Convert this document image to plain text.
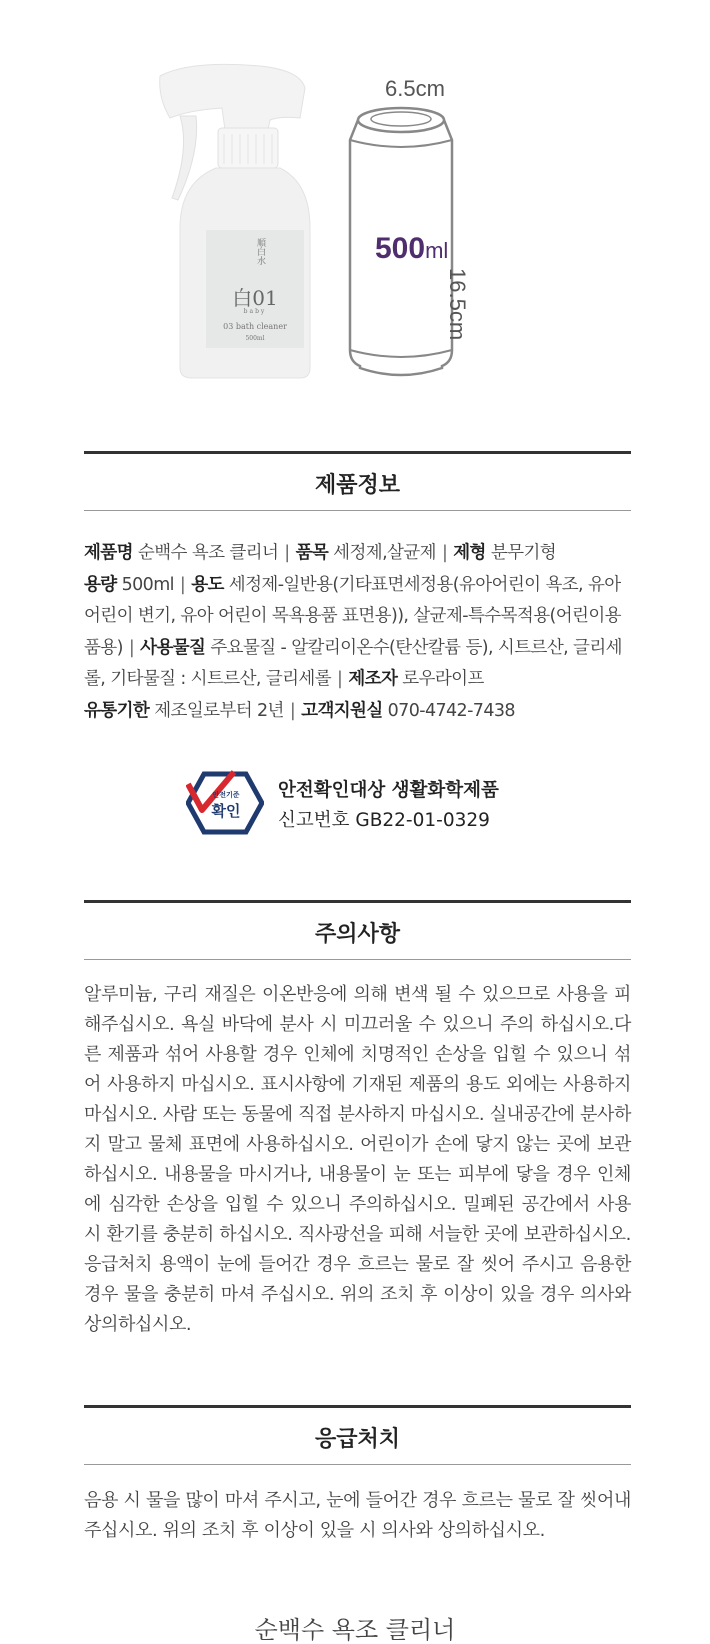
順白水
白01
baby
03 bath cleaner
500ml
6.5cm
16.5cm
500ml
제품정보
제품명 순백수 욕조 클리너 | 품목 세정제,살균제 | 제형 분무기형
용량 500ml | 용도 세정제-일반용(기타표면세정용(유아어린이 욕조, 유아어린이 변기, 유아 어린이 목욕용품 표면용)), 살균제-특수목적용(어린이용품용) | 사용물질 주요물질 - 알칼리이온수(탄산칼륨 등), 시트르산, 글리세롤, 기타물질 : 시트르산, 글리세롤 | 제조자 로우라이프
유통기한 제조일로부터 2년 | 고객지원실 070-4742-7438
안전기준
확인
안전확인대상 생활화학제품
신고번호 GB22-01-0329
주의사항
알루미늄, 구리 재질은 이온반응에 의해 변색 될 수 있으므로 사용을 피해주십시오. 욕실 바닥에 분사 시 미끄러울 수 있으니 주의 하십시오.다른 제품과 섞어 사용할 경우 인체에 치명적인 손상을 입힐 수 있으니 섞어 사용하지 마십시오. 표시사항에 기재된 제품의 용도 외에는 사용하지 마십시오. 사람 또는 동물에 직접 분사하지 마십시오. 실내공간에 분사하지 말고 물체 표면에 사용하십시오. 어린이가 손에 닿지 않는 곳에 보관하십시오. 내용물을 마시거나, 내용물이 눈 또는 피부에 닿을 경우 인체에 심각한 손상을 입힐 수 있으니 주의하십시오. 밀폐된 공간에서 사용 시 환기를 충분히 하십시오. 직사광선을 피해 서늘한 곳에 보관하십시오. 응급처치 용액이 눈에 들어간 경우 흐르는 물로 잘 씻어 주시고 음용한 경우 물을 충분히 마셔 주십시오. 위의 조치 후 이상이 있을 경우 의사와 상의하십시오.
응급처치
음용 시 물을 많이 마셔 주시고, 눈에 들어간 경우 흐르는 물로 잘 씻어내 주십시오. 위의 조치 후 이상이 있을 시 의사와 상의하십시오.
순백수 욕조 클리너
